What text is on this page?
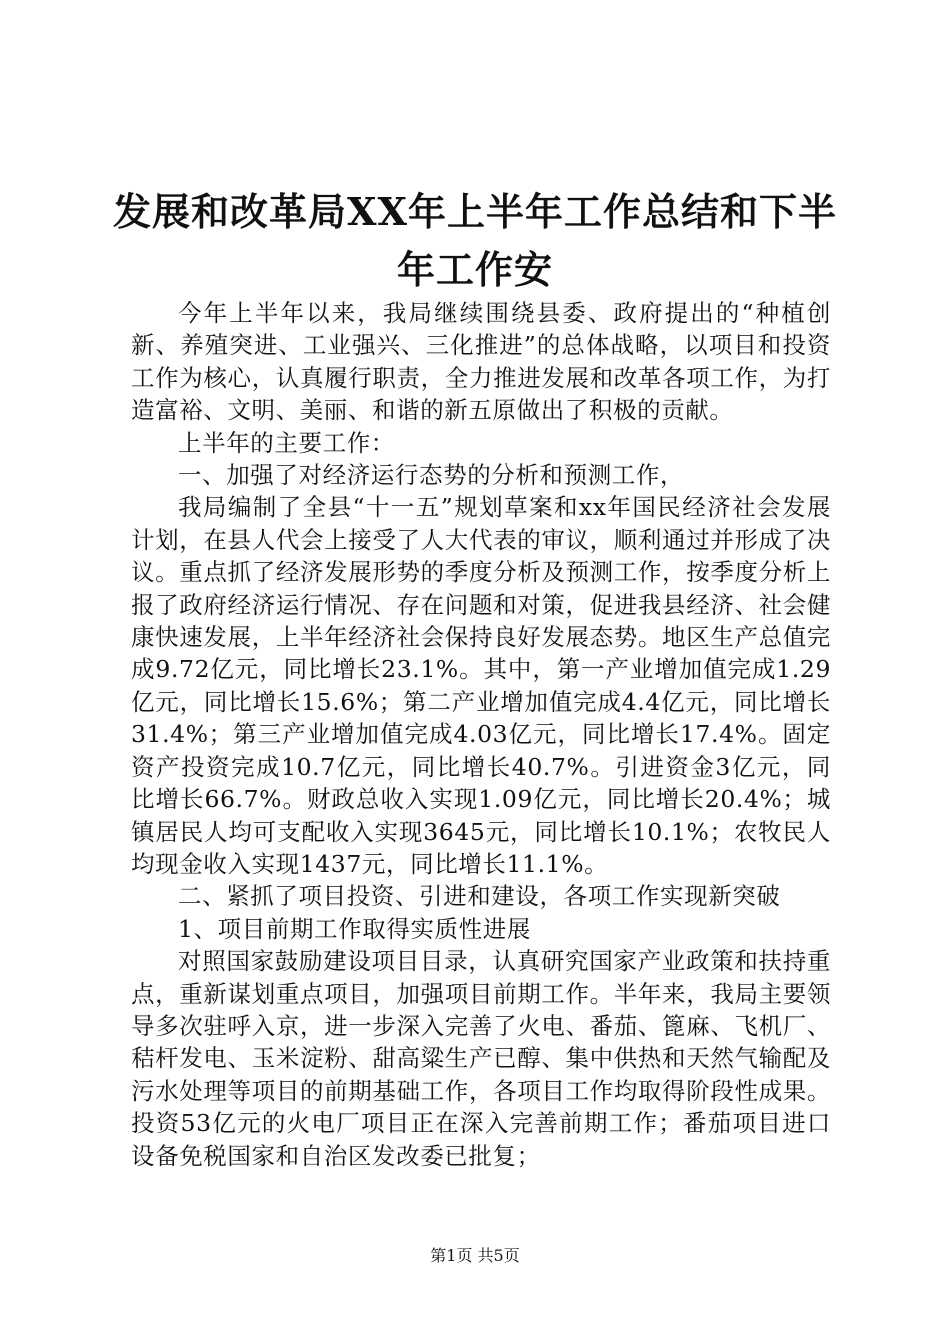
发展和改革局XX年上半年工作总结和下半年工作安

今年上半年以来，我局继续围绕县委、政府提出的“种植创新、养殖突进、工业强兴、三化推进”的总体战略，以项目和投资工作为核心，认真履行职责，全力推进发展和改革各项工作，为打造富裕、文明、美丽、和谐的新五原做出了积极的贡献。

上半年的主要工作：

一、加强了对经济运行态势的分析和预测工作，

我局编制了全县“十一五”规划草案和xx年国民经济社会发展计划，在县人代会上接受了人大代表的审议，顺利通过并形成了决议。重点抓了经济发展形势的季度分析及预测工作，按季度分析上报了政府经济运行情况、存在问题和对策，促进我县经济、社会健康快速发展，上半年经济社会保持良好发展态势。地区生产总值完成9.72亿元，同比增长23.1%。其中，第一产业增加值完成1.29亿元，同比增长15.6%；第二产业增加值完成4.4亿元，同比增长31.4%；第三产业增加值完成4.03亿元，同比增长17.4%。固定资产投资完成10.7亿元，同比增长40.7%。引进资金3亿元，同比增长66.7%。财政总收入实现1.09亿元，同比增长20.4%；城镇居民人均可支配收入实现3645元，同比增长10.1%；农牧民人均现金收入实现1437元，同比增长11.1%。

二、紧抓了项目投资、引进和建设，各项工作实现新突破

1、项目前期工作取得实质性进展

对照国家鼓励建设项目目录，认真研究国家产业政策和扶持重点，重新谋划重点项目，加强项目前期工作。半年来，我局主要领导多次驻呼入京，进一步深入完善了火电、番茄、篦麻、飞机厂、秸杆发电、玉米淀粉、甜高粱生产已醇、集中供热和天然气输配及污水处理等项目的前期基础工作，各项目工作均取得阶段性成果。投资53亿元的火电厂项目正在深入完善前期工作；番茄项目进口设备免税国家和自治区发改委已批复；

第1页 共5页
